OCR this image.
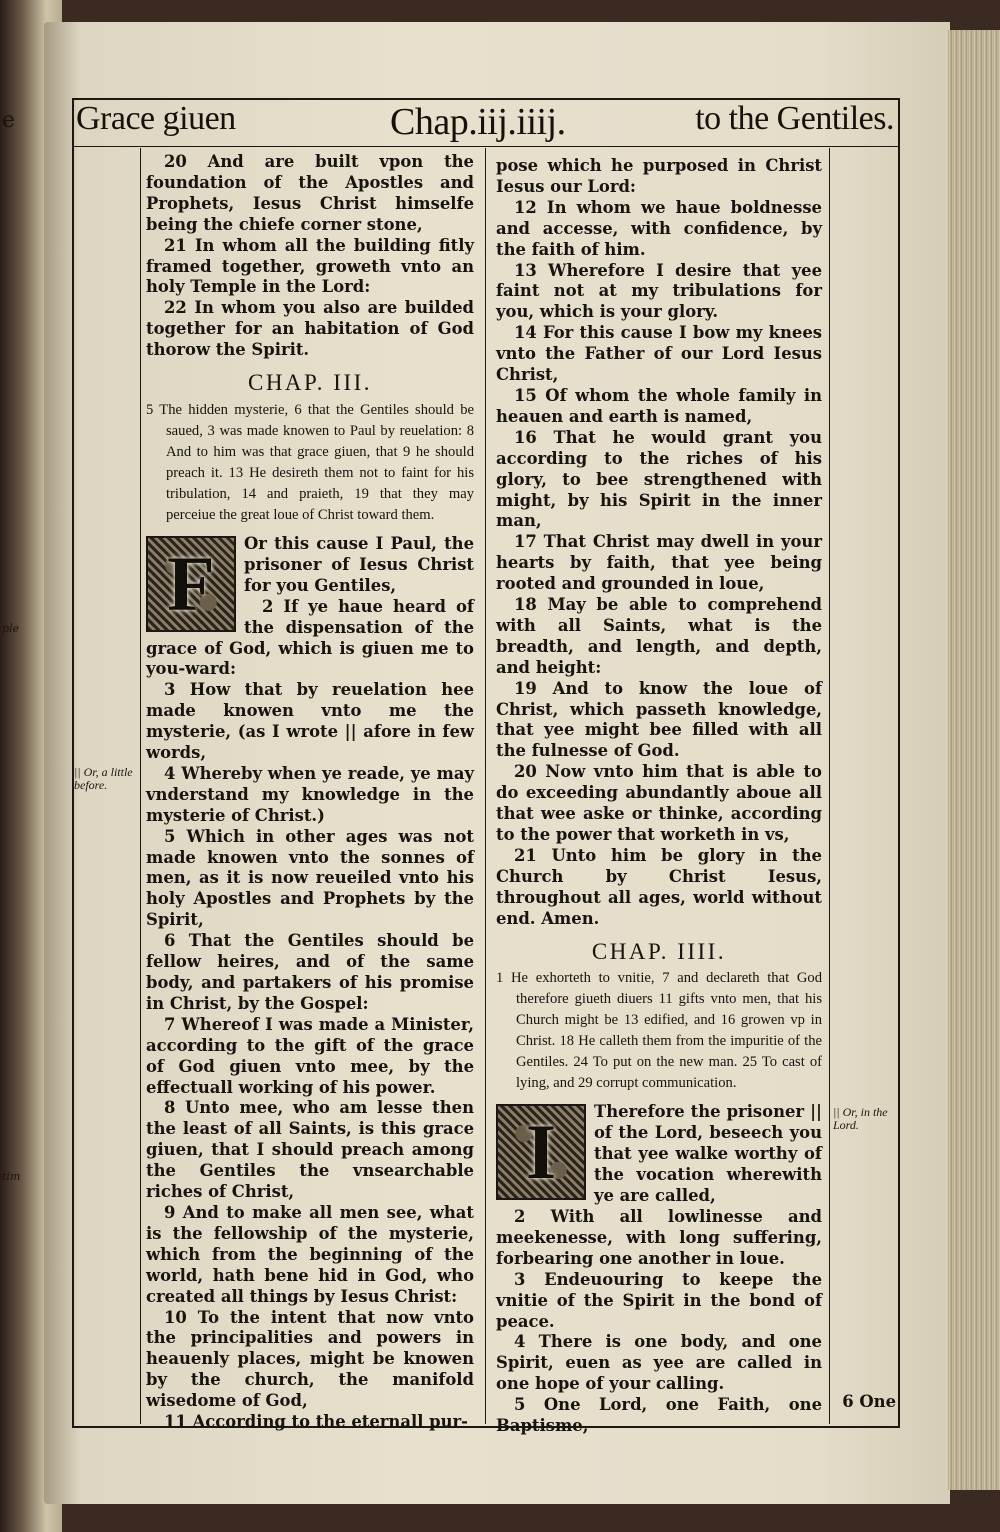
e
ple
tim
Grace giuen	Chap.iij.iiij.	to the Gentiles.
|| Or, a little before.
|| Or, in the Lord.

20 And are built vpon the foundation of the Apostles and Prophets, Iesus Christ himselfe being the chiefe corner stone,

21 In whom all the building fitly framed together, groweth vnto an holy Temple in the Lord:

22 In whom you also are builded together for an habitation of God thorow the Spirit.

CHAP. III.

5 The hidden mysterie, 6 that the Gentiles should be saued, 3 was made knowen to Paul by reuelation: 8 And to him was that grace giuen, that 9 he should preach it. 13 He desireth them not to faint for his tribulation, 14 and praieth, 19 that they may perceiue the great loue of Christ toward them.

F	Or this cause I Paul, the prisoner of Iesus Christ for you Gentiles,

2 If ye haue heard of the dispensation of the grace of God, which is giuen me to you-ward:

3 How that by reuelation hee made knowen vnto me the mysterie, (as I wrote || afore in few words,

4 Whereby when ye reade, ye may vnderstand my knowledge in the mysterie of Christ.)

5 Which in other ages was not made knowen vnto the sonnes of men, as it is now reueiled vnto his holy Apostles and Prophets by the Spirit,

6 That the Gentiles should be fellow heires, and of the same body, and partakers of his promise in Christ, by the Gospel:

7 Whereof I was made a Minister, according to the gift of the grace of God giuen vnto mee, by the effectuall working of his power.

8 Unto mee, who am lesse then the least of all Saints, is this grace giuen, that I should preach among the Gentiles the vnsearchable riches of Christ,

9 And to make all men see, what is the fellowship of the mysterie, which from the beginning of the world, hath bene hid in God, who created all things by Iesus Christ:

10 To the intent that now vnto the principalities and powers in heauenly places, might be knowen by the church, the manifold wisedome of God,

11 According to the eternall pur-

pose which he purposed in Christ Iesus our Lord:

12 In whom we haue boldnesse and accesse, with confidence, by the faith of him.

13 Wherefore I desire that yee faint not at my tribulations for you, which is your glory.

14 For this cause I bow my knees vnto the Father of our Lord Iesus Christ,

15 Of whom the whole family in heauen and earth is named,

16 That he would grant you according to the riches of his glory, to bee strengthened with might, by his Spirit in the inner man,

17 That Christ may dwell in your hearts by faith, that yee being rooted and grounded in loue,

18 May be able to comprehend with all Saints, what is the breadth, and length, and depth, and height:

19 And to know the loue of Christ, which passeth knowledge, that yee might bee filled with all the fulnesse of God.

20 Now vnto him that is able to do exceeding abundantly aboue all that wee aske or thinke, according to the power that worketh in vs,

21 Unto him be glory in the Church by Christ Iesus, throughout all ages, world without end. Amen.

CHAP. IIII.

1 He exhorteth to vnitie, 7 and declareth that God therefore giueth diuers 11 gifts vnto men, that his Church might be 13 edified, and 16 growen vp in Christ. 18 He calleth them from the impuritie of the Gentiles. 24 To put on the new man. 25 To cast of lying, and 29 corrupt communication.

I	Therefore the prisoner || of the Lord, beseech you that yee walke worthy of the vocation wherewith ye are called,

2 With all lowlinesse and meekenesse, with long suffering, forbearing one another in loue.

3 Endeuouring to keepe the vnitie of the Spirit in the bond of peace.

4 There is one body, and one Spirit, euen as yee are called in one hope of your calling.

5 One Lord, one Faith, one Baptisme,

6 One
